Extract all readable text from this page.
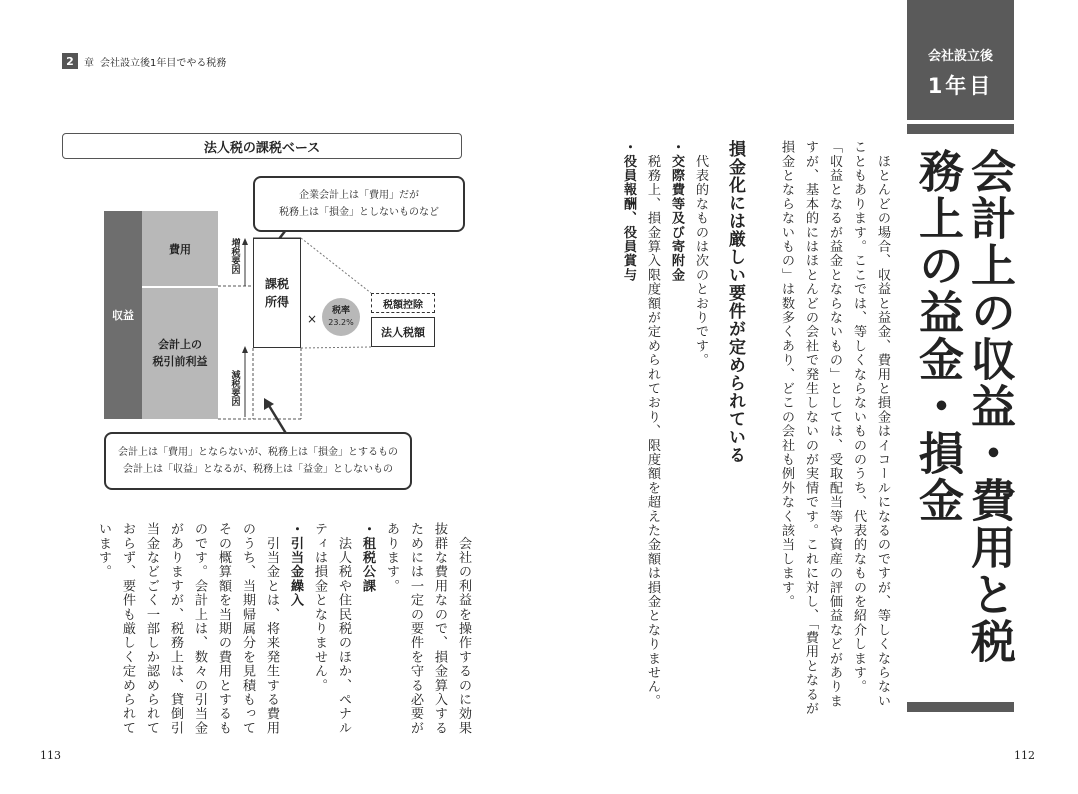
2	章 会社設立後1年目でやる税務
法人税の課税ベース
企業会計上は「費用」だが
税務上は「損金」としないものなど
収益
費用
会計上の
税引前利益
増税要因
減税要因
課税
所得
×
税率
23.2%
税額控除
法人税額
会計上は「費用」とならないが、税務上は「損金」とするもの
会計上は「収益」となるが、税務上は「益金」としないもの

　会社の利益を操作するのに効果抜群な費用なので、損金算入するためには一定の要件を守る必要があります。

・租税公課

　法人税や住民税のほか、ペナルティは損金となりません。

・引当金繰入

　引当金とは、将来発生する費用のうち、当期帰属分を見積もってその概算額を当期の費用とするものです。会計上は、数々の引当金がありますが、税務上は、貸倒引当金などごく一部しか認められておらず、要件も厳しく定められています。

会社設立後
1年目
会計上の収益・費用と税務上の益金・損金

　ほとんどの場合、収益と益金、費用と損金はイコールになるのですが、等しくならないこともあります。ここでは、等しくならないもののうち、代表的なものを紹介します。

「収益となるが益金とならないもの」としては、受取配当等や資産の評価益などがありますが、基本的にはほとんどの会社で発生しないのが実情です。これに対し、「費用となるが損金とならないもの」は数多くあり、どこの会社も例外なく該当します。

損金化には厳しい要件が定められている

　代表的なものは次のとおりです。

・交際費等及び寄附金

　税務上、損金算入限度額が定められており、限度額を超えた金額は損金となりません。

・役員報酬、役員賞与

113	112
